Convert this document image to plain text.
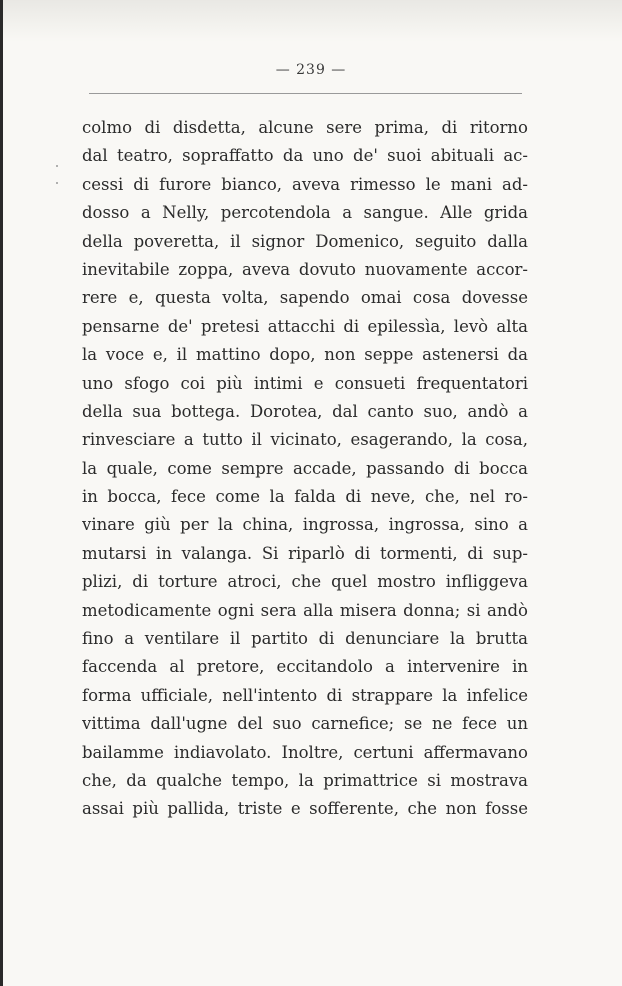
— 239 —
colmo di disdetta, alcune sere prima, di ritorno
dal teatro, sopraffatto da uno de' suoi abituali ac-
cessi di furore bianco, aveva rimesso le mani ad-
dosso a Nelly, percotendola a sangue. Alle grida
della poveretta, il signor Domenico, seguito dalla
inevitabile zoppa, aveva dovuto nuovamente accor-
rere e, questa volta, sapendo omai cosa dovesse
pensarne de' pretesi attacchi di epilessìa, levò alta
la voce e, il mattino dopo, non seppe astenersi da
uno sfogo coi più intimi e consueti frequentatori
della sua bottega. Dorotea, dal canto suo, andò a
rinvesciare a tutto il vicinato, esagerando, la cosa,
la quale, come sempre accade, passando di bocca
in bocca, fece come la falda di neve, che, nel ro-
vinare giù per la china, ingrossa, ingrossa, sino a
mutarsi in valanga. Si riparlò di tormenti, di sup-
plizi, di torture atroci, che quel mostro infliggeva
metodicamente ogni sera alla misera donna; si andò
fino a ventilare il partito di denunciare la brutta
faccenda al pretore, eccitandolo a intervenire in
forma ufficiale, nell'intento di strappare la infelice
vittima dall'ugne del suo carnefice; se ne fece un
bailamme indiavolato. Inoltre, certuni affermavano
che, da qualche tempo, la primattrice si mostrava
assai più pallida, triste e sofferente, che non fosse
